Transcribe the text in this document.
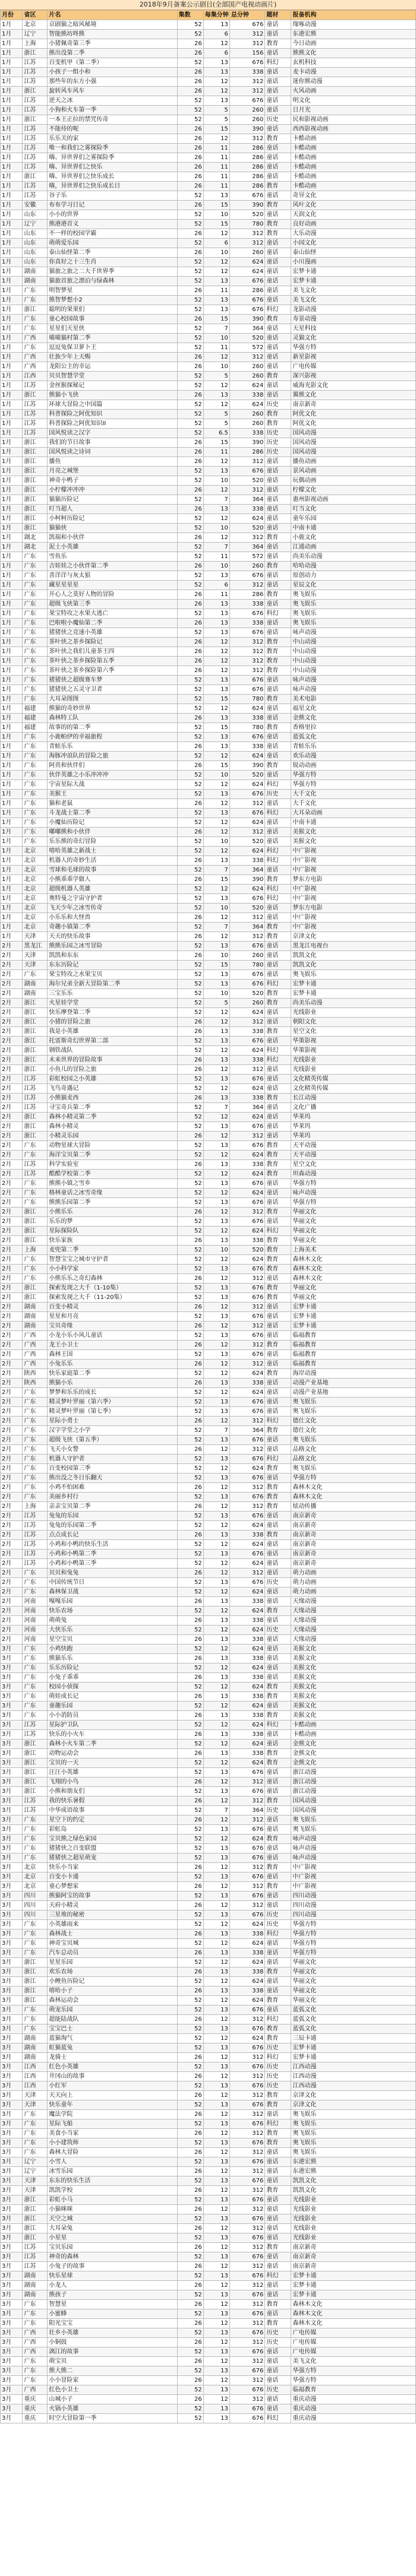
2018年9月备案公示剧目(全部国产电视动画片)
月份	省区	片名	集数	每集分钟	总分钟	题材	报备机构
1月	北京	京剧猫之暗风秘境	52	13	676	童话	缘啄动漫
1月	辽宁	智能熊坊咚熊	52	6	312	童话	东港宏熊
1月	上海	小猪佩奇第三季	26	12	312	教育	今日动画
1月	浙江	熊出没第二季	26	6	156	童话	熊熊文化
1月	江苏	百变机甲（第二季）	52	13	676	科幻	玄机科技
1月	江苏	小孩子一组小和	26	13	338	童话	麦卡动漫
1月	江苏	那些年的东方小强	26	12	312	童话	迷你熊动漫
1月	浙江	旋转风车风车	26	12	312	童话	火风动画
1月	江苏	逆天之冰	52	13	676	童话	明文化
1月	江苏	小狗和火车第一季	52	5	260	童话	日月光
1月	浙江	一本王正拉的禁咒传奇	52	5	260	历史	民和影视动画
1月	江苏	不能待的呢	26	15	390	童话	西西影视动画
1月	江苏	乐乐关的家	26	12	312	教育	卡酷动画
1月	江苏	唯一和我们之雾探险季	26	11	286	童话	卡酷动画
1月	江苏	嗨、异世界们之雾探险季	26	11	286	童话	卡酷动画
1月	江苏	嗨、异世界们之快乐	26	11	286	童话	卡酷动画
1月	浙江	嗨、异世界们之快乐成长	26	11	286	童话	卡酷动画
1月	江苏	嗨，异世界们之快乐成长日	26	11	286	教育	卡酷动画
1月	江苏	谷子乐	52	13	676	童话	奇异文化
1月	安徽	布布学习日记	26	15	390	教育	风叶文化
1月	山东	小小的世界	52	10	520	童话	天润文化
1月	辽宁	熊港港首义	52	15	780	教育	良好动画
1月	山东	不一样的校园学霸	26	12	312	教育	大乐动漫
1月	山东	萌萌爱乐园	52	6	312	童话	小园文化
1月	山东	泰山仙怪第二季	26	10	260	童话	泰山仙怪
1月	山东	你真好之十三生肖	52	12	624	童话	小川漫画
1月	湖南	猫旅之旅之二大千世界季	52	12	624	童话	宏梦卡通
1月	湖南	猫旅首旅之漂泊与绿森林	52	13	676	童话	宏梦卡通
1月	广东	明智梦星	26	11	286	童话	美飞文化
1月	广东	熊智梦想小2	52	13	676	童话	美飞文化
1月	浙江	聪明的果果们	52	13	676	科幻	龙影动漫
1月	广东	童心校园故事	26	15	390	教育	寿景动漫
1月	广东	星星们天星侠	52	7	364	童话	天星科技
1月	广西	喵喵猫村第二季	52	10	520	童话	灵猫文化
1月	广东	逗逗兔保卫萝卜王	52	11	572	童话	华强方特
1月	广西	壮族少年上天赐	26	12	312	童话	新星影视
1月	广西	龙阳公主的幸运	26	10	260	童话	广电传媒
1月	江西	贝贝智慧学堂	52	5	260	教育	深兴影视
1月	江苏	金丝猴探秘记	52	12	624	童话	威海光影文化
1月	浙江	熊猫小飞侠	26	13	338	童话	翼熊文化
1月	江苏	环球大冒险之中国篇	52	12	624	历史	南京新奇
1月	江苏	科普探险之阿优知识	52	5	260	教育	阿优文化
1月	江苏	科普探险之阿优知识II	52	5	260	教育	阿优文化
1月	江苏	国风悦读之汉字	52	6.5	338	历史	国风动漫
1月	浙江	我们的节日故事	26	15	390	历史	国风动漫
1月	浙江	国风悦读之诗词	26	11	286	历史	国风动漫
1月	浙江	播鱼	26	12	312	童话	播鱼动画
1月	浙江	月亮之城堡	52	13	676	童话	景风动画
1月	浙江	神奇小鸭子	52	10	520	童话	玩偶动画
1月	浙江	小柠檬冲冲冲	26	12	312	童话	柠檬文化
1月	浙江	猫猫历险记	52	7	364	童话	惠州影视动画
1月	浙江	叮当超人	26	13	338	童话	叮当文化
1月	浙江	小柯柯历险记	52	12	624	童话	童年乐园
1月	浙江	猫猫侠	52	10	520	童话	中南卡通
1月	湖北	凯瑞和小伙伴	26	12	312	教育	小鹿文化
1月	湖北	泥土小英雄	52	7	364	童话	江通动画
1月	广东	雪鱼乐	52	11	572	童话	尚美乐动漫
1月	广东	吉娃娃之小伙伴第二季	26	10	260	教育	哈哈动漫
1月	广东	喜洋洋与灰太狼	52	13	676	童话	原创动力
1月	广东	藏星星星星	52	6	312	童话	星辰文化
1月	广东	开心人之莫好人物的冒险	26	11	286	教育	奥飞娱乐
1月	广东	超级飞侠第三季	26	13	338	童话	奥飞娱乐
1月	广东	果宝特攻之水果大逃亡	52	13	676	科幻	奥飞娱乐
1月	广东	巴啦啦小魔仙第二季	26	13	338	童话	奥飞娱乐
1月	广东	猪猪侠之竞速小英雄	52	13	676	童话	咏声动漫
1月	广东	茶叶侠之茶乡探险记	26	12	312	教育	中山动漫
1月	广东	茶叶侠之我们儿童茶王四	26	12	312	教育	中山动漫
1月	广东	茶叶侠之茶乡探险第五季	26	12	312	教育	中山动漫
1月	广东	茶叶侠之茶乡探险第六季	26	12	312	教育	中山动漫
1月	广东	猪猪侠之超级赛车梦	52	13	676	童话	咏声动漫
1月	广东	猪猪侠之五灵守卫者	52	13	676	童话	咏声动漫
1月	广东	大耳朵图图	52	15	780	教育	美术电影
1月	福建	熊猫的奇妙世界	52	12	624	童话	福星文化
1月	福建	森林特工队	26	13	338	童话	金熊文化
1月	福建	故事的的第二季	52	15	780	教育	香格里拉
1月	广东	小鹿帕伊的幸福旅程	52	13	676	童话	蓝弧文化
1月	广东	青蛙乐乐	26	13	338	童话	青蛙乐乐
1月	广东	海豚冲浪队的冒险之旅	52	12	624	童话	欢乐动漫
1月	广东	阿贵和伙伴们	26	15	390	教育	锐动动画
1月	广东	伙伴英雄之小乐冲冲冲	52	10	520	童话	华强方特
1月	广东	宇宙星际大战	52	12	624	科幻	华强方特
1月	广东	美猴王	52	13	676	历史	大千文化
1月	广东	猫和老鼠	26	12	312	童话	大千文化
1月	广东	斗龙战士第二季	52	13	676	科幻	大耳朵动画
1月	广东	小魔仙历险记	52	12	624	童话	中南卡通
1月	广东	嘟嘟熊和小伙伴	26	12	312	童话	美猴文化
1月	广东	乐乐熊的奇幻冒险	52	10	520	童话	美猴文化
1月	北京	嘻哈英雄之新战士	52	12	624	科幻	中广影视
1月	北京	机器人的奇妙生活	26	13	338	科幻	中广影视
1月	北京	雪球和毛球的故事	52	7	364	童话	中广影视
1月	北京	小熊乖乖学做人	26	15	390	教育	梦东方电影
1月	北京	超级机器人英雄	52	12	624	科幻	中广影视
1月	北京	奥特曼之宇宙守护者	52	13	676	科幻	中广影视
1月	北京	飞天少年之冰雪传奇	52	10	520	童话	梦东方电影
1月	北京	小乐乐和大怪兽	26	12	312	童话	中广影视
1月	北京	奇趣小镇第二季	52	7	364	教育	中广影视
1月	天津	天天的快乐故事	26	12	312	教育	京津文化
2月	黑龙江	熊熊乐园之冰雪冒险	52	13	676	童话	黑龙江电视台
2月	天津	凯凯和东东	26	10	260	童话	凯凯文化
2月	天津	东东历险记	52	15	780	童话	凯凯文化
2月	广东	果宝特攻之水果宝贝	52	13	676	童话	奥飞娱乐
2月	湖南	海尔兄弟全新大冒险第二季	52	13	676	科幻	宏梦卡通
2月	湖南	三宝乐乐	52	10	520	教育	宏梦卡通
2月	浙江	火星娃学堂	52	5	260	教育	尚美乐动漫
2月	浙江	快乐摩登第二季	52	12	624	童话	光线影业
2月	浙江	小猪的冒险之旅	26	12	312	童话	朝阳文化
2月	浙江	我是小英雄	26	13	338	教育	星空文化
2月	浙江	托雷斯奇幻世界第二部	52	13	676	童话	华策影视
2月	浙江	钢铁战队	52	12	624	科幻	华策影视
2月	浙江	未来世界的冒险故事	26	13	338	科幻	光线影业
2月	浙江	小鱼儿的冒险之旅	26	12	312	童话	光线影业
2月	江苏	彩虹校园之小英雄	52	13	676	童话	文化精英传媒
2月	江苏	飞鸟奇遇记	52	12	624	童话	文化精英传媒
2月	江苏	小熊猫麦西	26	13	338	教育	长江动漫
2月	江苏	寻宝奇兵第二季	52	7	364	童话	文化广播
2月	浙江	森林小精灵第二季	52	12	624	童话	华莱坞
2月	浙江	森林小精灵	52	13	676	童话	华莱坞
2月	浙江	小精灵乐园	26	12	312	童话	华莱坞
2月	广东	动物星球大冒险	52	13	676	教育	天平动漫
2月	广东	海洋宝贝第二季	52	12	624	教育	天平动漫
2月	江苏	科学实验室	26	13	338	教育	星空文化
2月	江苏	酷酷学校第二季	52	12	624	教育	坦森动漫
2月	广东	熊熊小镇之雪乡	52	13	676	童话	华强方特
2月	广东	格林童话之冰雪奇缘	52	12	624	童话	咏声动漫
2月	广东	熊熊乐园第二季	52	13	676	童话	华强方特
2月	浙江	小熊乐乐	26	12	312	教育	华丽文化
2月	浙江	乐乐的梦	52	13	676	童话	华丽文化
2月	浙江	星际探险队	52	12	624	科幻	华丽文化
2月	浙江	快乐家族	26	13	338	教育	华丽文化
2月	上海	麦兜第二季	52	10	520	教育	上海美术
2月	广东	智慧宝宝之城市守护者	52	12	624	教育	森林木文化
2月	广东	小小科学家	52	13	676	教育	森林木文化
2月	广东	小熊乐乐之奇幻森林	26	12	312	童话	森林木文化
2月	浙江	探索发现之大千（1-10集）	52	13	676	教育	华丽文化
2月	浙江	探索发现之大千（11-20集）	52	13	676	教育	华丽文化
2月	湖南	百变小精灵	26	12	312	童话	宏梦卡通
2月	湖南	星星和月亮	52	13	676	童话	宏梦卡通
2月	湖南	宝贝奇缘	26	12	312	童话	宏梦卡通
2月	广西	小龙小乐小风儿童话	52	13	676	童话	临福教育
2月	广西	龙王小卫士	26	12	312	教育	临福教育
2月	广西	森林王国	52	13	676	童话	临福教育
2月	广西	小兔乐乐	26	12	312	童话	临福教育
2月	陕西	快乐家庭第二季	52	12	624	教育	海岸动漫
2月	陕西	熊猫小乐	26	13	338	童话	动漫产业基地
2月	广东	梦梦和乐乐的成长	52	12	624	童话	动漫产业基地
2月	广东	精灵梦叶罗丽（第六季）	52	13	676	童话	奥飞娱乐
2月	广东	精灵梦叶罗丽（第七季）	52	13	676	童话	奥飞娱乐
2月	广东	星际小勇士	26	12	312	科幻	德仕文化
2月	广东	汉字学堂之小学	52	7	364	教育	德仕文化
2月	广东	超级飞侠（第五季）	52	13	676	童话	奥飞娱乐
2月	广东	飞天小女警	26	12	312	童话	品格文化
2月	广东	机器人守护者	52	13	676	科幻	品格文化
2月	广东	百变校园第三季	52	12	624	教育	奥飞娱乐
2月	广东	熊出没之冬日乐翻天	52	13	676	童话	华强方特
2月	广东	小鸡不怕困难	26	12	312	教育	森林木文化
2月	广东	美丽乡村行	52	13	676	教育	森林木文化
2月	上海	亲亲宝贝第二季	26	12	312	教育	炫动传播
2月	江苏	兔兔的乐园	52	13	676	童话	南京新奇
2月	江苏	兔兔的乐园第二季	52	12	624	童话	南京新奇
2月	江苏	点点成长记	26	13	338	教育	南京新奇
2月	江苏	小鸡和小鸭的快乐生活	52	12	624	童话	南京新奇
2月	江苏	小鸡和小鸭第二季	52	13	676	童话	南京新奇
2月	江苏	小鸡和小鸭第三季	52	12	624	童话	南京新奇
2月	广东	贝贝和兔兔	26	12	312	童话	萌力动画
2月	广东	中国传统节日	52	13	676	历史	萌力动画
2月	广东	森林保卫战	52	12	624	童话	萌力动画
2月	河南	嘎嘎乐园	26	13	338	童话	天缘动漫
2月	河南	快乐农场	52	12	624	教育	天缘动漫
2月	河南	萌萌兔	26	13	338	童话	天缘动漫
2月	河南	大侠乐乐	52	12	624	历史	天缘动漫
2月	河南	星空宝贝	26	13	338	童话	天缘动漫
3月	广东	小鸡快跑	52	12	624	童话	美猴文化
3月	广东	熊猫乐乐	26	13	338	童话	美猴文化
3月	广东	乐乐历险记	52	12	624	童话	美猴文化
3月	广东	小兔子乖乖	26	13	338	童话	美猴文化
3月	广东	校园小侦探	52	12	624	教育	美猴文化
3月	广东	萌娃成长记	26	13	338	教育	美猴文化
3月	广东	童趣乐园	52	12	624	童话	美猴文化
3月	广东	小小消防员	26	13	338	教育	美猴文化
3月	江苏	星际护卫队	52	12	624	科幻	卡酷动画
3月	江苏	快乐的小火车	26	13	338	童话	卡酷动画
3月	浙江	森林小火车第二季	52	12	624	童话	金熊文化
3月	浙江	动物运动会	26	13	338	教育	金熊文化
3月	浙江	宝贝的一天	52	12	624	教育	金熊文化
3月	浙江	汪汪小英雄	52	13	676	童话	浙江动漫
3月	浙江	飞翔的小鸟	26	12	312	童话	浙江动漫
3月	浙江	小熊和朋友们	52	13	676	童话	浙江动漫
3月	江苏	我的快乐暑假	26	12	312	教育	国风动漫
3月	江苏	中华成语故事	52	7	364	历史	国风动漫
3月	广东	星空下的约定	26	12	312	童话	奥飞娱乐
3月	广东	彩虹岛	52	13	676	童话	奥飞娱乐
3月	广东	宝贝熊之绿色家园	52	12	624	教育	咏声动漫
3月	广东	猪猪侠之百变联盟	52	13	676	童话	咏声动漫
3月	广东	猪猪侠之超星萌宠	52	13	676	童话	咏声动漫
3月	北京	快乐小当家	26	12	312	教育	中广影视
3月	北京	百变小卡通	52	13	676	童话	中广影视
3月	北京	童心梦想家	26	12	312	教育	中广影视
3月	四川	熊猫阿宝的故事	52	13	676	童话	四川动漫
3月	四川	天府小精灵	26	12	312	童话	四川动漫
3月	四川	三星堆的秘密	52	13	676	历史	四川动漫
3月	广东	小英雄雨来	52	12	624	历史	华强方特
3月	广东	森林战士	26	13	338	科幻	华强方特
3月	广东	神奇宝贝城	52	12	624	童话	华强方特
3月	广东	汽车总动员	26	13	338	童话	华强方特
3月	浙江	星星乐园	52	12	624	童话	华丽文化
3月	浙江	欢乐农场	26	13	338	教育	华丽文化
3月	浙江	小鲤鱼历险记	52	12	624	童话	华丽文化
3月	浙江	嘻哈小子	26	13	338	童话	华丽文化
3月	浙江	森林运动会	52	12	624	教育	华丽文化
3月	广东	萌宠乐园	52	13	676	童话	蓝弧文化
3月	广东	超能陆战队	26	12	312	科幻	蓝弧文化
3月	广东	宝宝巴士	52	13	676	教育	蓝弧文化
3月	湖南	蓝猫淘气	52	12	624	教育	三辰卡通
3月	湖南	虹猫蓝兔	52	13	676	历史	宏梦卡通
3月	湖南	龙骑士	26	12	312	科幻	宏梦卡通
3月	江西	红色小英雄	52	13	676	历史	江西动漫
3月	江西	井冈山的故事	26	12	312	历史	江西动漫
3月	江西	小红军	52	13	676	历史	江西动漫
3月	天津	天天向上	26	12	312	教育	京津文化
3月	天津	快乐童年	52	13	676	教育	京津文化
3月	广东	魔法学院	26	12	312	童话	奥飞娱乐
3月	广东	星际飞船	52	13	676	科幻	奥飞娱乐
3月	广东	美食小当家	26	12	312	教育	奥飞娱乐
3月	广东	小小建筑师	52	13	676	教育	奥飞娱乐
3月	广东	森林大冒险	26	12	312	童话	奥飞娱乐
3月	辽宁	小雪人	52	13	676	童话	东港宏熊
3月	辽宁	冰雪乐园	26	12	312	童话	东港宏熊
3月	天津	东东的快乐生活	52	13	676	童话	凯凯文化
3月	天津	凯凯学校	26	12	312	教育	凯凯文化
3月	浙江	彩虹小马	52	13	676	童话	光线影业
3月	浙江	小猫咪咪	26	12	312	童话	光线影业
3月	浙江	天空之城	52	13	676	童话	光线影业
3月	浙江	大耳朵兔	26	12	312	童话	光线影业
3月	浙江	小星星	52	13	676	童话	光线影业
3月	江苏	宝贝乐园	26	12	312	教育	南京新奇
3月	江苏	神奇的森林	52	13	676	童话	南京新奇
3月	江苏	小兔子的故事	26	12	312	童话	南京新奇
3月	湖南	快乐星球	52	13	676	科幻	宏梦卡通
3月	湖南	小龙人	26	12	312	童话	宏梦卡通
3月	湖南	熊孩子	52	13	676	童话	宏梦卡通
3月	广东	智慧星	26	12	312	教育	森林木文化
3月	广东	小蜜蜂	52	13	676	童话	森林木文化
3月	广东	阳光宝宝	26	12	312	教育	森林木文化
3月	广西	壮乡小英雄	52	13	676	历史	广电传媒
3月	广西	小铜鼓	26	12	312	历史	广电传媒
3月	广西	漓江的故事	52	13	676	童话	广电传媒
3月	广东	萌宝贝	26	12	312	童话	美飞文化
3月	广东	熊大熊二	52	13	676	童话	华强方特
3月	广东	小小冒险家	26	12	312	童话	华强方特
3月	广西	红色小卫士	52	13	676	历史	临福教育
3月	重庆	山城小子	26	12	312	童话	重庆动漫
3月	重庆	火锅小英雄	52	13	676	童话	重庆动漫
3月	重庆	时空大冒险第一季	52	13	676	科幻	重庆动漫
